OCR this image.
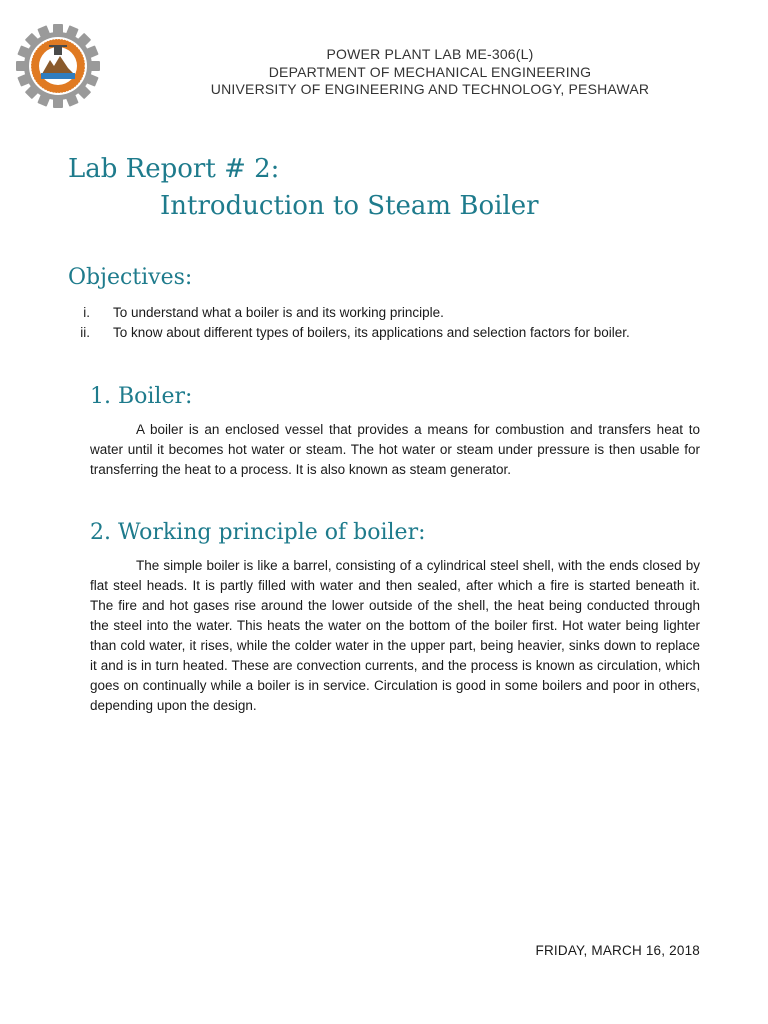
POWER PLANT LAB ME-306(L)
DEPARTMENT OF MECHANICAL ENGINEERING
UNIVERSITY OF ENGINEERING AND TECHNOLOGY, PESHAWAR
Lab Report # 2:
Introduction to Steam Boiler
Objectives:
i. To understand what a boiler is and its working principle.
ii. To know about different types of boilers, its applications and selection factors for boiler.
1. Boiler:

A boiler is an enclosed vessel that provides a means for combustion and transfers heat to water until it becomes hot water or steam. The hot water or steam under pressure is then usable for transferring the heat to a process. It is also known as steam generator.

2. Working principle of boiler:

The simple boiler is like a barrel, consisting of a cylindrical steel shell, with the ends closed by flat steel heads. It is partly filled with water and then sealed, after which a fire is started beneath it. The fire and hot gases rise around the lower outside of the shell, the heat being conducted through the steel into the water. This heats the water on the bottom of the boiler first. Hot water being lighter than cold water, it rises, while the colder water in the upper part, being heavier, sinks down to replace it and is in turn heated. These are convection currents, and the process is known as circulation, which goes on continually while a boiler is in service. Circulation is good in some boilers and poor in others, depending upon the design.

FRIDAY, MARCH 16, 2018
